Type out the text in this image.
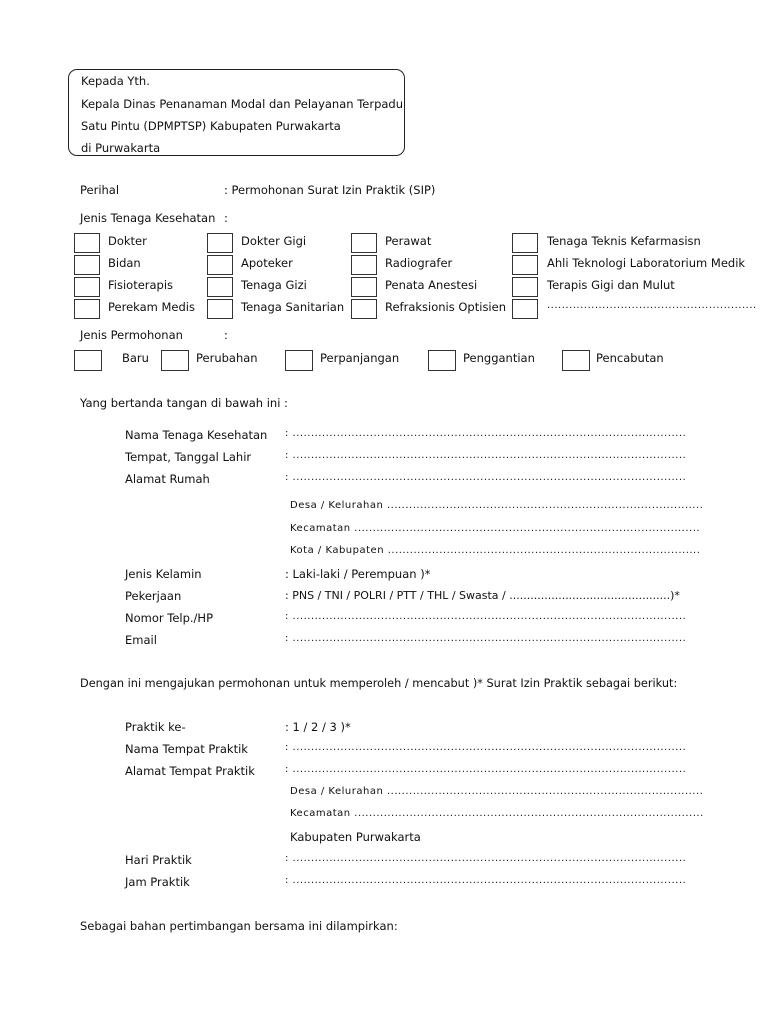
Kepada Yth.
Kepala Dinas Penanaman Modal dan Pelayanan Terpadu
Satu Pintu (DPMPTSP) Kabupaten Purwakarta
di Purwakarta
Perihal	: Permohonan Surat Izin Praktik (SIP)
Jenis Tenaga Kesehatan :
Dokter	Dokter Gigi	Perawat	Tenaga Teknis Kefarmasisn
Bidan	Apoteker	Radiografer	Ahli Teknologi Laboratorium Medik
Fisioterapis	Tenaga Gizi	Penata Anestesi	Terapis Gigi dan Mulut
Perekam Medis	Tenaga Sanitarian	Refraksionis Optisien	.........................................................
Jenis Permohonan	:
Baru	Perubahan	Perpanjangan	Penggantian	Pencabutan
Yang bertanda tangan di bawah ini :
Nama Tenaga Kesehatan : ...........................................................................................................
Tempat, Tanggal Lahir	: ...........................................................................................................
Alamat Rumah	: ...........................................................................................................
Desa / Kelurahan ......................................................................................
Kecamatan ..............................................................................................
Kota / Kabupaten .....................................................................................
Jenis Kelamin	: Laki-laki / Perempuan )*
Pekerjaan	: PNS / TNI / POLRI / PTT / THL / Swasta / ..............................................)*
Nomor Telp./HP	: ...........................................................................................................
Email	: ...........................................................................................................
Dengan ini mengajukan permohonan untuk memperoleh / mencabut )* Surat Izin Praktik sebagai berikut:
Praktik ke-	: 1 / 2 / 3 )*
Nama Tempat Praktik	: ...........................................................................................................
Alamat Tempat Praktik	: ...........................................................................................................
Desa / Kelurahan ......................................................................................
Kecamatan ...............................................................................................
Kabupaten Purwakarta
Hari Praktik	: ...........................................................................................................
Jam Praktik	: ...........................................................................................................
Sebagai bahan pertimbangan bersama ini dilampirkan:
